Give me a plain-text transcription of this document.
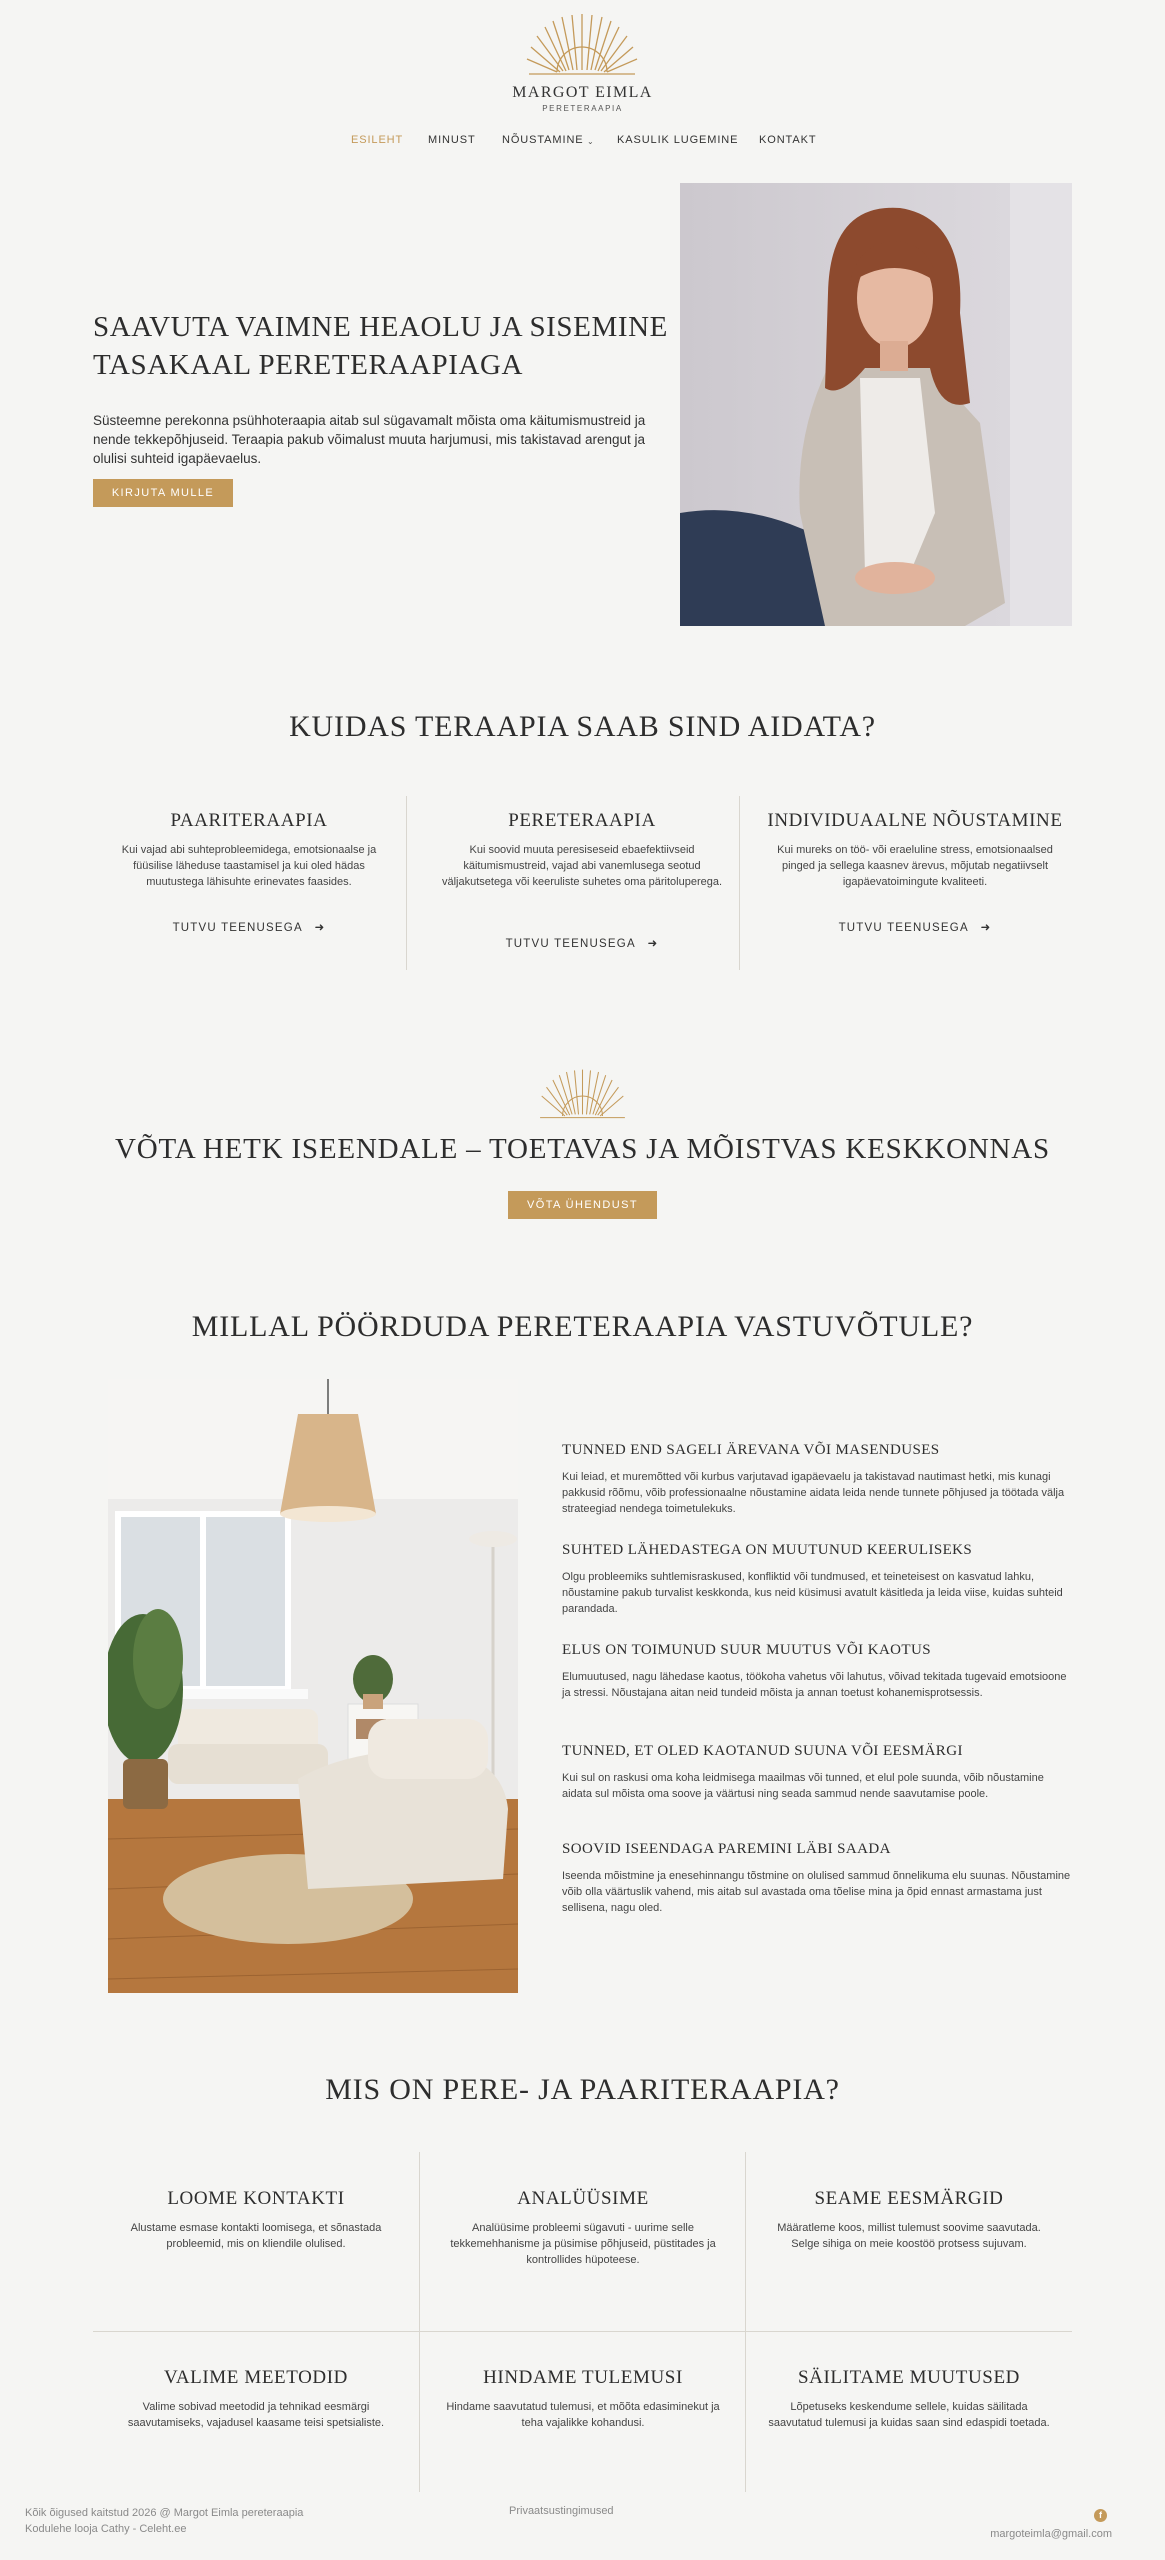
MARGOT EIMLA
PERETERAAPIA
ESILEHT MINUST NÕUSTAMINE ⌄ KASULIK LUGEMINE KONTAKT
SAAVUTA VAIMNE HEAOLU JA SISEMINE TASAKAAL PERETERAAPIAGA

Süsteemne perekonna psühhoteraapia aitab sul sügavamalt mõista oma käitumismustreid ja nende tekkepõhjuseid. Teraapia pakub võimalust muuta harjumusi, mis takistavad arengut ja olulisi suhteid igapäevaelus.

KIRJUTA MULLE
KUIDAS TERAAPIA SAAB SIND AIDATA?
PAARITERAAPIA

Kui vajad abi suhteprobleemidega, emotsionaalse ja füüsilise läheduse taastamisel ja kui oled hädas muutustega lähisuhte erinevates faasides.

TUTVU TEENUSEGA ➜
PERETERAAPIA

Kui soovid muuta peresiseseid ebaefektiivseid käitumismustreid, vajad abi vanemlusega seotud väljakutsetega või keeruliste suhetes oma päritoluperega.

TUTVU TEENUSEGA ➜
INDIVIDUAALNE NÕUSTAMINE

Kui mureks on töö- või eraeluline stress, emotsionaalsed pinged ja sellega kaasnev ärevus, mõjutab negatiivselt igapäevatoimingute kvaliteeti.

TUTVU TEENUSEGA ➜
VÕTA HETK ISEENDALE – TOETAVAS JA MÕISTVAS KESKKONNAS
VÕTA ÜHENDUST
MILLAL PÖÖRDUDA PERETERAAPIA VASTUVÕTULE?
TUNNED END SAGELI ÄREVANA VÕI MASENDUSES

Kui leiad, et muremõtted või kurbus varjutavad igapäevaelu ja takistavad nautimast hetki, mis kunagi pakkusid rõõmu, võib professionaalne nõustamine aidata leida nende tunnete põhjused ja töötada välja strateegiad nendega toimetulekuks.

SUHTED LÄHEDASTEGA ON MUUTUNUD KEERULISEKS

Olgu probleemiks suhtlemisraskused, konfliktid või tundmused, et teineteisest on kasvatud lahku, nõustamine pakub turvalist keskkonda, kus neid küsimusi avatult käsitleda ja leida viise, kuidas suhteid parandada.

ELUS ON TOIMUNUD SUUR MUUTUS VÕI KAOTUS

Elumuutused, nagu lähedase kaotus, töökoha vahetus või lahutus, võivad tekitada tugevaid emotsioone ja stressi. Nõustajana aitan neid tundeid mõista ja annan toetust kohanemisprotsessis.

TUNNED, ET OLED KAOTANUD SUUNA VÕI EESMÄRGI

Kui sul on raskusi oma koha leidmisega maailmas või tunned, et elul pole suunda, võib nõustamine aidata sul mõista oma soove ja väärtusi ning seada sammud nende saavutamise poole.

SOOVID ISEENDAGA PAREMINI LÄBI SAADA

Iseenda mõistmine ja enesehinnangu tõstmine on olulised sammud õnnelikuma elu suunas. Nõustamine võib olla väärtuslik vahend, mis aitab sul avastada oma tõelise mina ja õpid ennast armastama just sellisena, nagu oled.

MIS ON PERE- JA PAARITERAAPIA?
LOOME KONTAKTI

Alustame esmase kontakti loomisega, et sõnastada probleemid, mis on kliendile olulised.

ANALÜÜSIME

Analüüsime probleemi sügavuti - uurime selle tekkemehhanisme ja püsimise põhjuseid, püstitades ja kontrollides hüpoteese.

SEAME EESMÄRGID

Määratleme koos, millist tulemust soovime saavutada. Selge sihiga on meie koostöö protsess sujuvam.

VALIME MEETODID

Valime sobivad meetodid ja tehnikad eesmärgi saavutamiseks, vajadusel kaasame teisi spetsialiste.

HINDAME TULEMUSI

Hindame saavutatud tulemusi, et mõõta edasiminekut ja teha vajalikke kohandusi.

SÄILITAME MUUTUSED

Lõpetuseks keskendume sellele, kuidas säilitada saavutatud tulemusi ja kuidas saan sind edaspidi toetada.

Kõik õigused kaitstud 2026 @ Margot Eimla pereteraapia
Kodulehe looja Cathy - Celeht.ee
Privaatsustingimused	f
margoteimla@gmail.com
